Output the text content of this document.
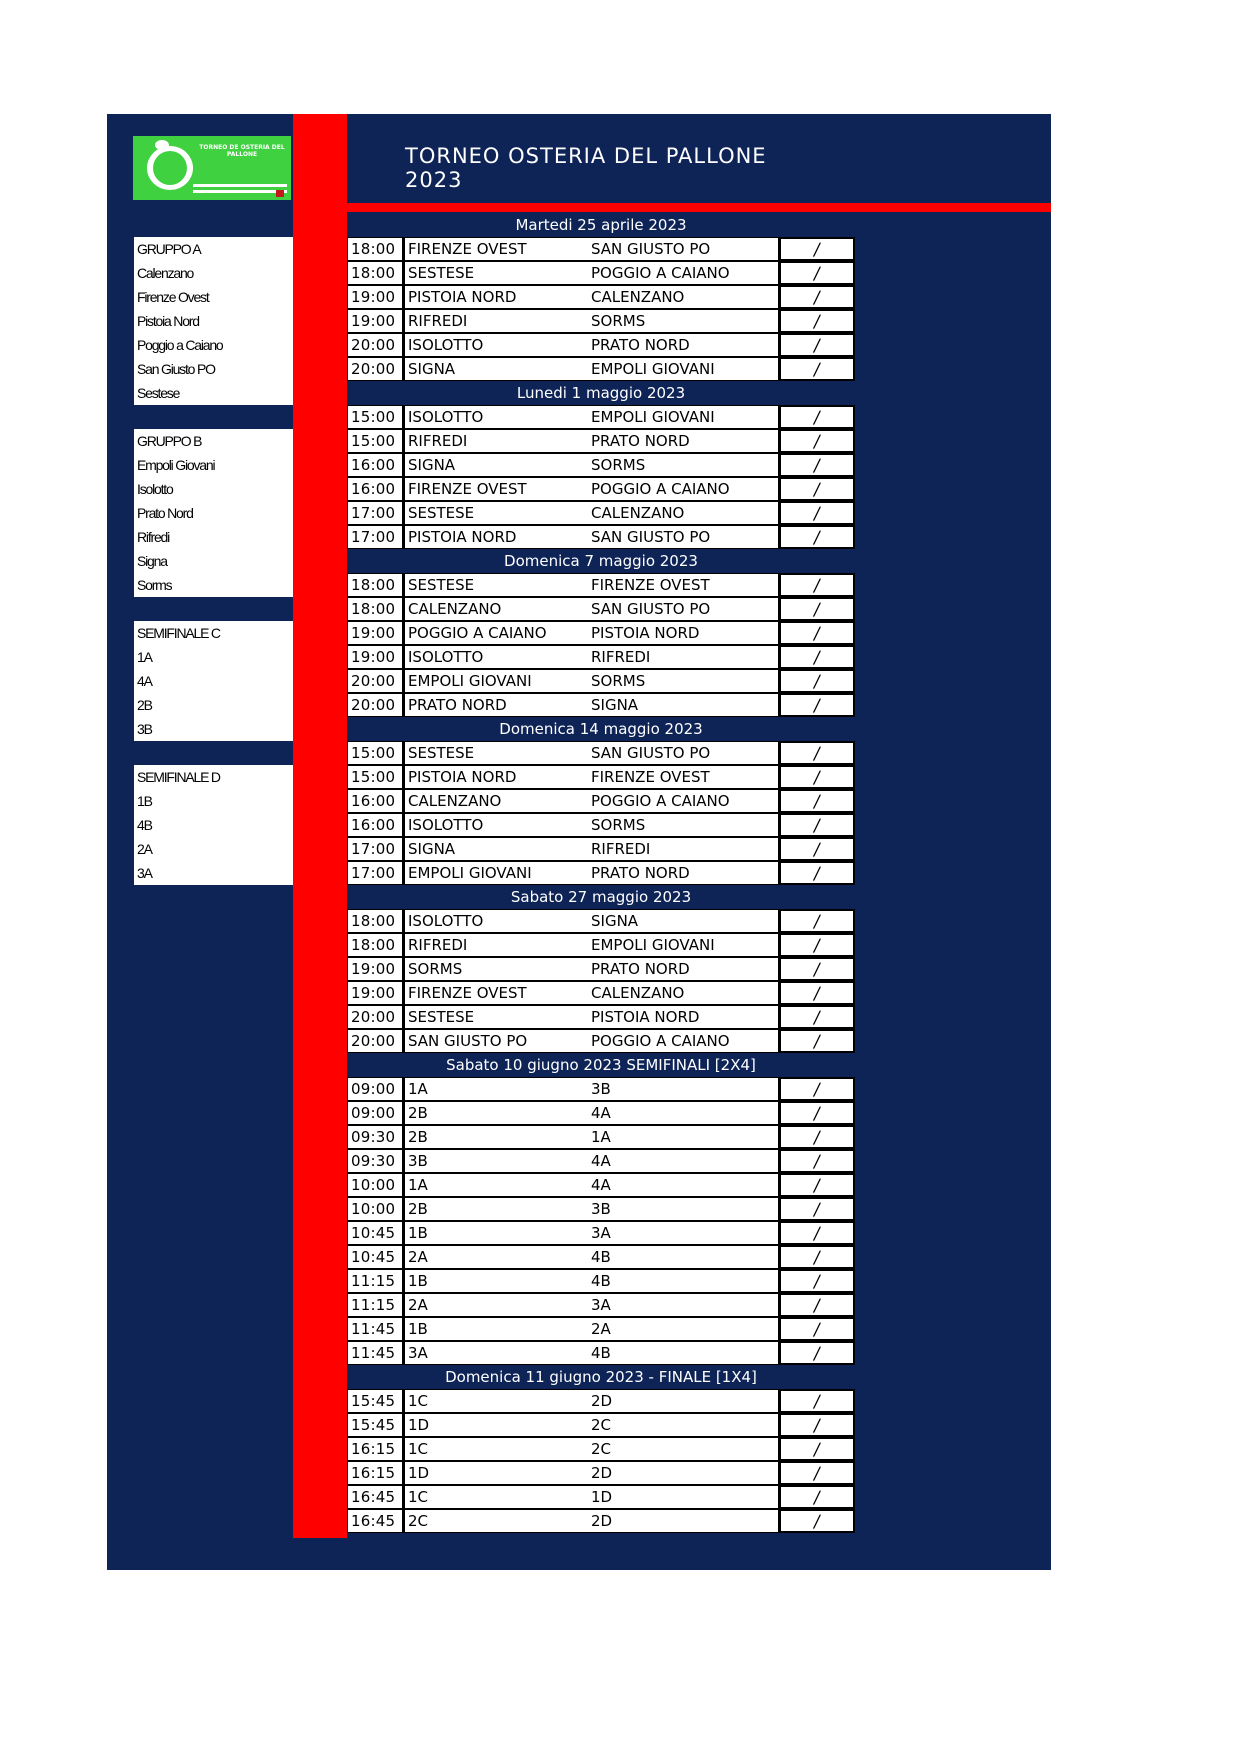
TORNEO DE OSTERIA DEL PALLONE	TORNEO OSTERIA DEL PALLONE 2023
GRUPPO A
Calenzano
Firenze Ovest
Pistoia Nord
Poggio a Caiano
San Giusto PO
Sestese
GRUPPO B
Empoli Giovani
Isolotto
Prato Nord
Rifredi
Signa
Sorms
SEMIFINALE C
1A
4A
2B
3B
SEMIFINALE D
1B
4B
2A
3A
Martedi 25 aprile 2023
18:00 FIRENZE OVEST	SAN GIUSTO PO	/
18:00 SESTESE	POGGIO A CAIANO	/
19:00 PISTOIA NORD	CALENZANO	/
19:00 RIFREDI	SORMS	/
20:00 ISOLOTTO	PRATO NORD	/
20:00 SIGNA	EMPOLI GIOVANI	/
Lunedi 1 maggio 2023
15:00 ISOLOTTO	EMPOLI GIOVANI	/
15:00 RIFREDI	PRATO NORD	/
16:00 SIGNA	SORMS	/
16:00 FIRENZE OVEST	POGGIO A CAIANO	/
17:00 SESTESE	CALENZANO	/
17:00 PISTOIA NORD	SAN GIUSTO PO	/
Domenica 7 maggio 2023
18:00 SESTESE	FIRENZE OVEST	/
18:00 CALENZANO	SAN GIUSTO PO	/
19:00 POGGIO A CAIANO	PISTOIA NORD	/
19:00 ISOLOTTO	RIFREDI	/
20:00 EMPOLI GIOVANI	SORMS	/
20:00 PRATO NORD	SIGNA	/
Domenica 14 maggio 2023
15:00 SESTESE	SAN GIUSTO PO	/
15:00 PISTOIA NORD	FIRENZE OVEST	/
16:00 CALENZANO	POGGIO A CAIANO	/
16:00 ISOLOTTO	SORMS	/
17:00 SIGNA	RIFREDI	/
17:00 EMPOLI GIOVANI	PRATO NORD	/
Sabato 27 maggio 2023
18:00 ISOLOTTO	SIGNA	/
18:00 RIFREDI	EMPOLI GIOVANI	/
19:00 SORMS	PRATO NORD	/
19:00 FIRENZE OVEST	CALENZANO	/
20:00 SESTESE	PISTOIA NORD	/
20:00 SAN GIUSTO PO	POGGIO A CAIANO	/
Sabato 10 giugno 2023 SEMIFINALI [2X4]
09:00 1A	3B	/
09:00 2B	4A	/
09:30 2B	1A	/
09:30 3B	4A	/
10:00 1A	4A	/
10:00 2B	3B	/
10:45 1B	3A	/
10:45 2A	4B	/
11:15 1B	4B	/
11:15 2A	3A	/
11:45 1B	2A	/
11:45 3A	4B	/
Domenica 11 giugno 2023 - FINALE [1X4]
15:45 1C	2D	/
15:45 1D	2C	/
16:15 1C	2C	/
16:15 1D	2D	/
16:45 1C	1D	/
16:45 2C	2D	/
